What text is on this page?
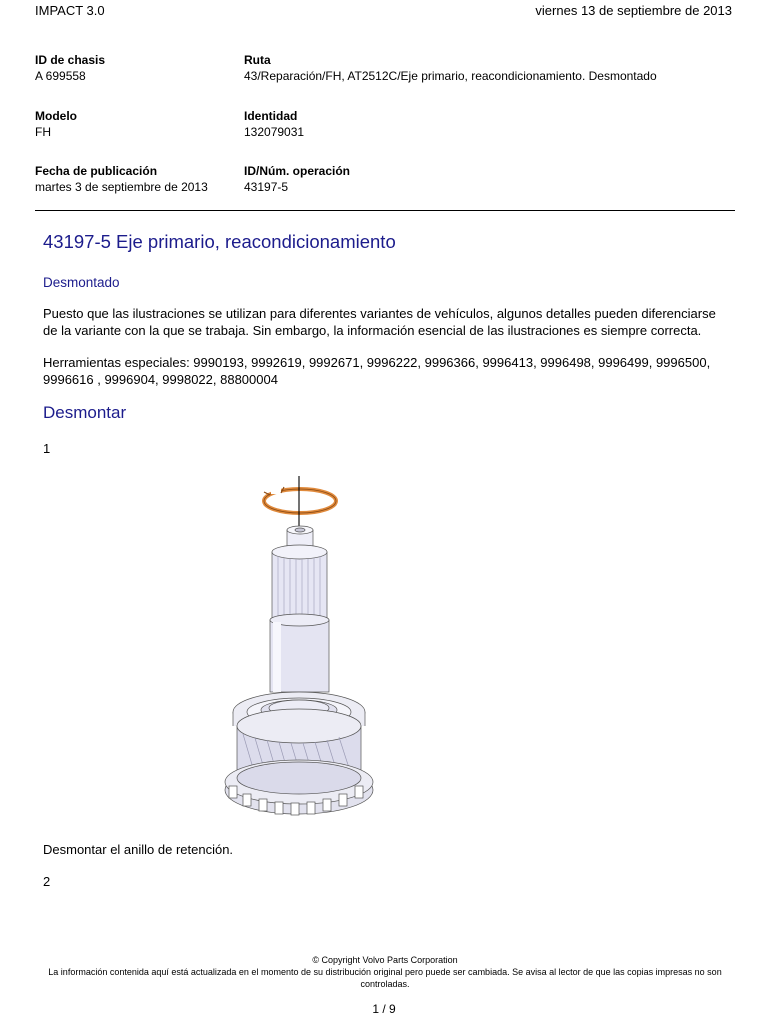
IMPACT 3.0	viernes 13 de septiembre de 2013
ID de chasis
A 699558
Ruta
43/Reparación/FH, AT2512C/Eje primario, reacondicionamiento. Desmontado
Modelo
FH
Identidad
132079031
Fecha de publicación
martes 3 de septiembre de 2013
ID/Núm. operación
43197-5
43197-5 Eje primario, reacondicionamiento
Desmontado
Puesto que las ilustraciones se utilizan para diferentes variantes de vehículos, algunos detalles pueden diferenciarse de la variante con la que se trabaja. Sin embargo, la información esencial de las ilustraciones es siempre correcta.
Herramientas especiales: 9990193, 9992619, 9992671, 9996222, 9996366, 9996413, 9996498, 9996499, 9996500, 9996616 , 9996904, 9998022, 88800004
Desmontar
1
Desmontar el anillo de retención.
2
© Copyright Volvo Parts Corporation
La información contenida aquí está actualizada en el momento de su distribución original pero puede ser cambiada. Se avisa al lector de que las copias impresas no son controladas.
1 / 9
